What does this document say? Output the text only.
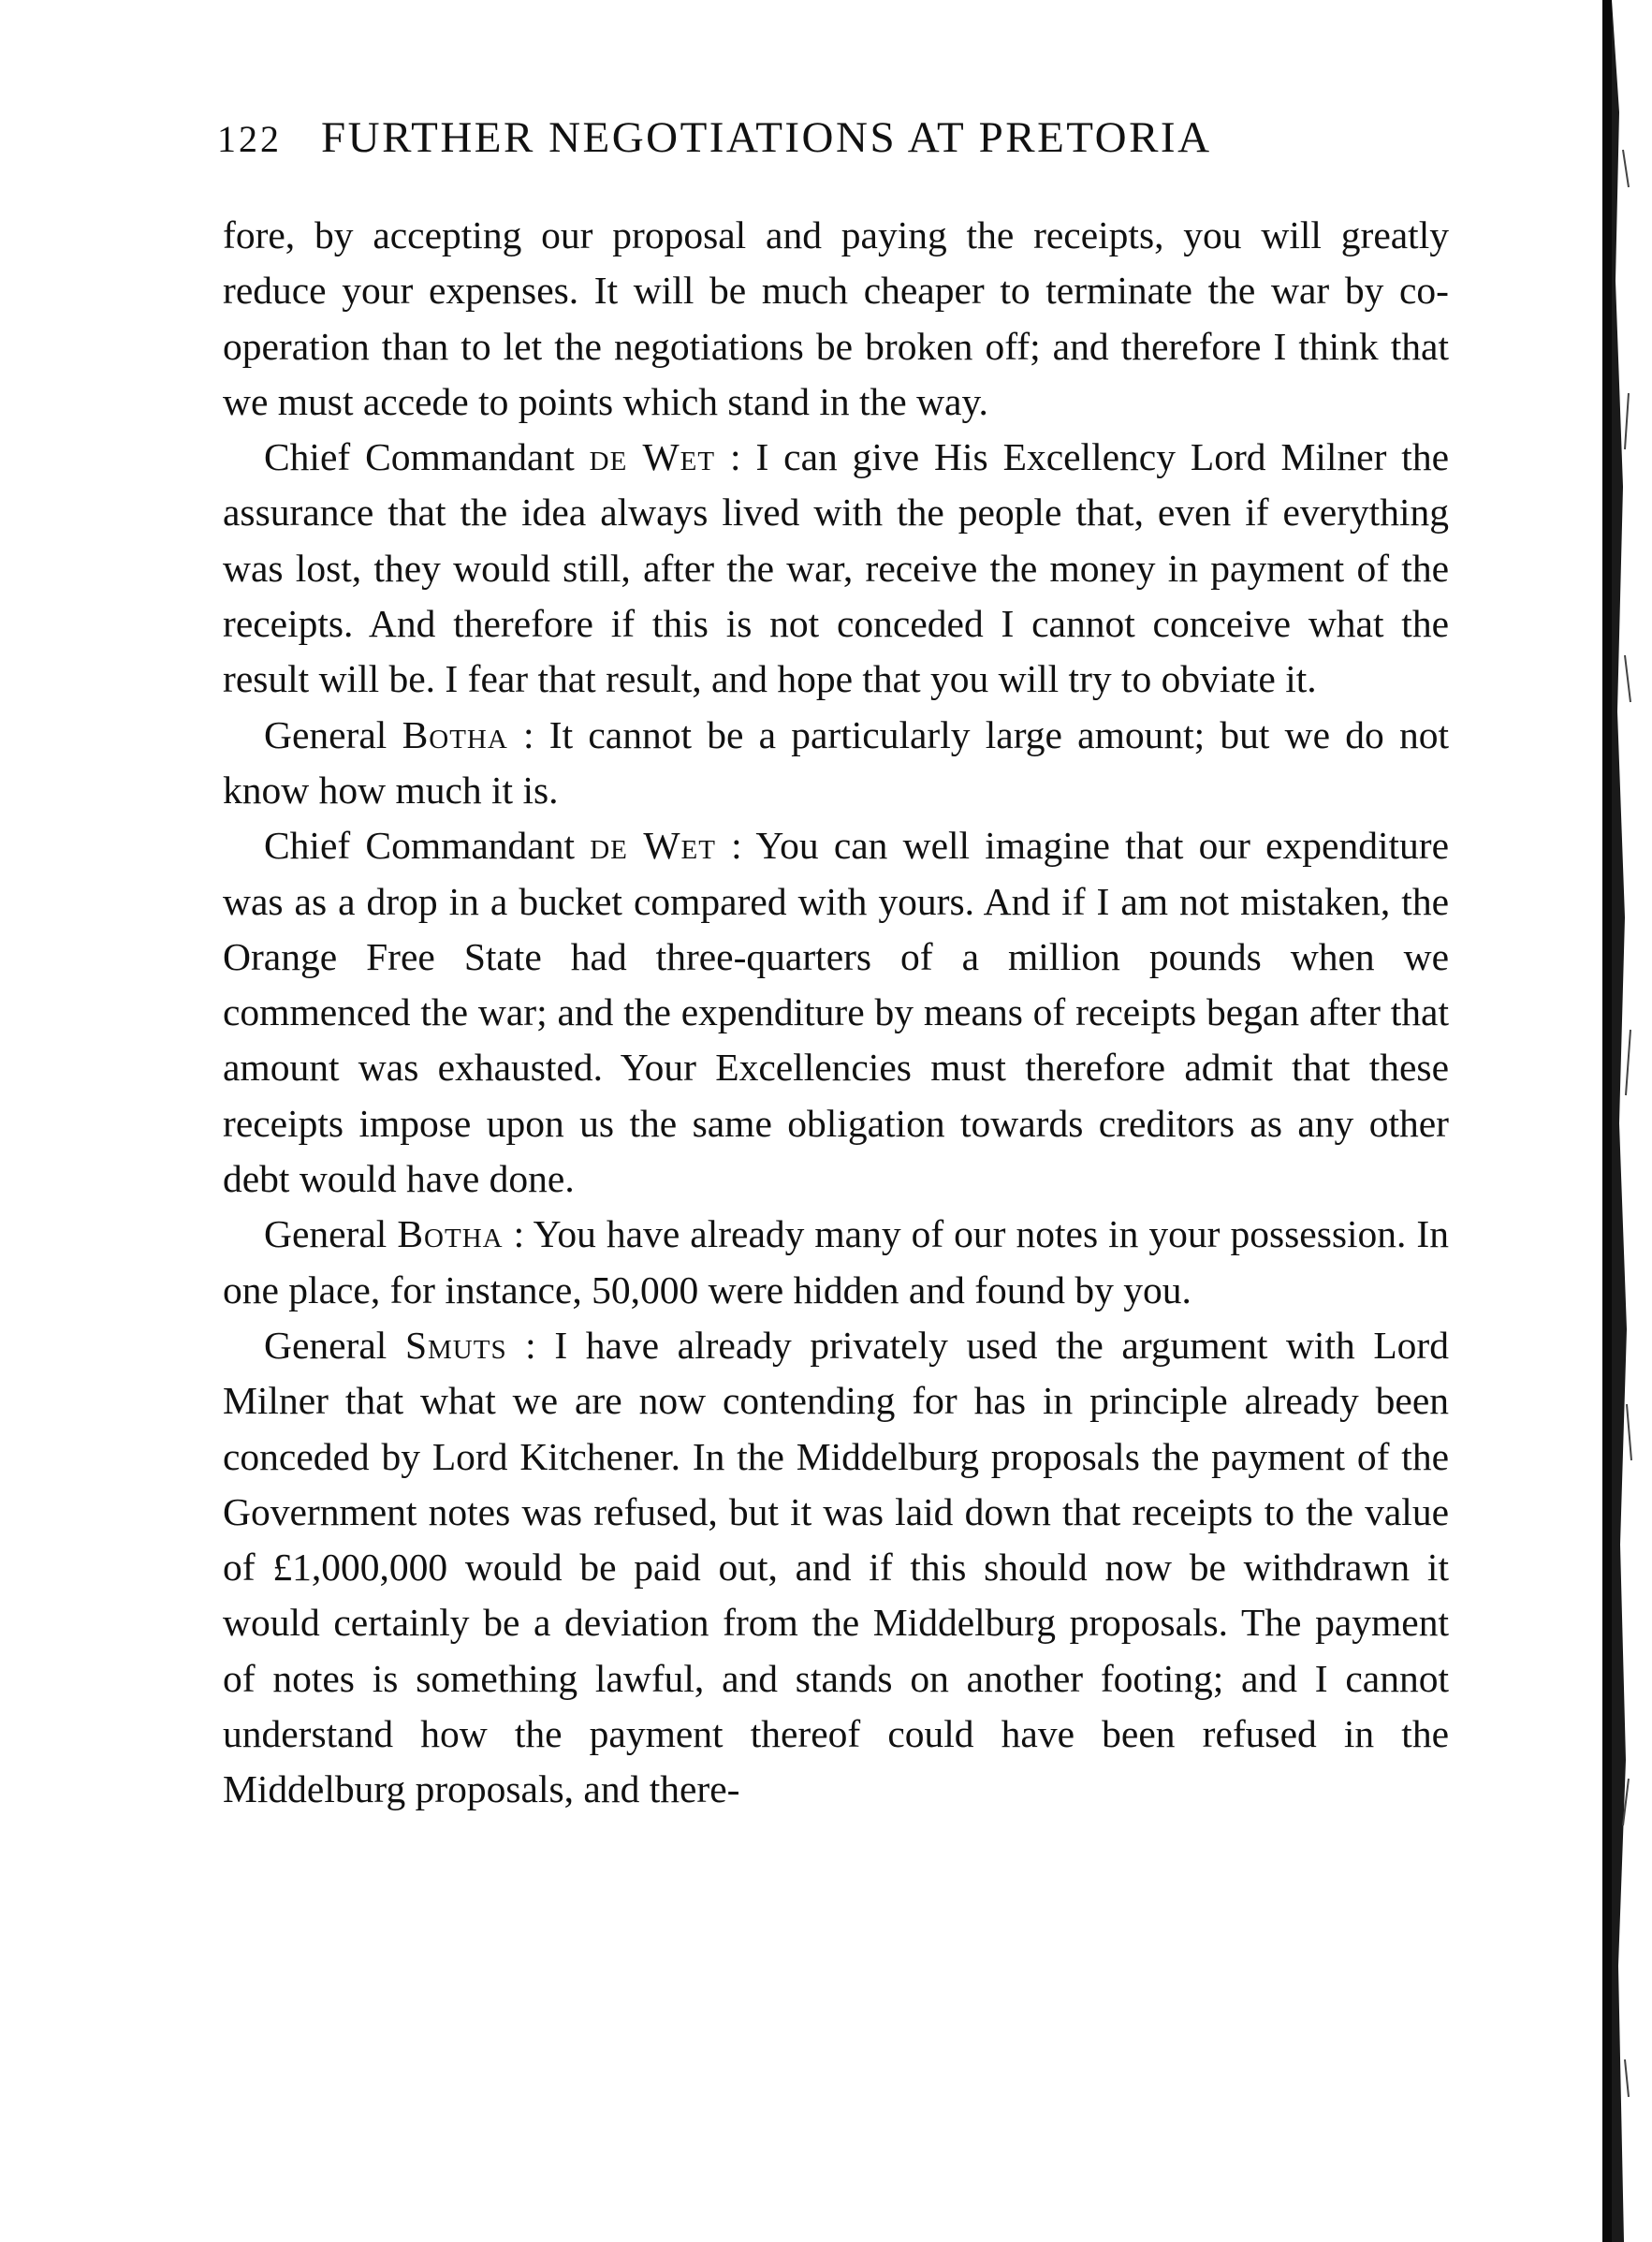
122 FURTHER NEGOTIATIONS AT PRETORIA

fore, by accepting our proposal and paying the receipts, you will greatly reduce your expenses. It will be much cheaper to terminate the war by co-operation than to let the negotiations be broken off; and therefore I think that we must accede to points which stand in the way.

Chief Commandant de Wet : I can give His Excellency Lord Milner the assurance that the idea always lived with the people that, even if everything was lost, they would still, after the war, receive the money in payment of the receipts. And therefore if this is not conceded I cannot conceive what the result will be. I fear that result, and hope that you will try to obviate it.

General Botha : It cannot be a particularly large amount; but we do not know how much it is.

Chief Commandant de Wet : You can well imagine that our expenditure was as a drop in a bucket compared with yours. And if I am not mistaken, the Orange Free State had three-quarters of a million pounds when we commenced the war; and the expenditure by means of receipts began after that amount was exhausted. Your Excellencies must therefore admit that these receipts impose upon us the same obligation towards creditors as any other debt would have done.

General Botha : You have already many of our notes in your possession. In one place, for instance, 50,000 were hidden and found by you.

General Smuts : I have already privately used the argument with Lord Milner that what we are now contending for has in principle already been conceded by Lord Kitchener. In the Middelburg proposals the payment of the Government notes was refused, but it was laid down that receipts to the value of £1,000,000 would be paid out, and if this should now be withdrawn it would certainly be a deviation from the Middelburg proposals. The payment of notes is something lawful, and stands on another footing; and I cannot understand how the payment thereof could have been refused in the Middelburg proposals, and there-
